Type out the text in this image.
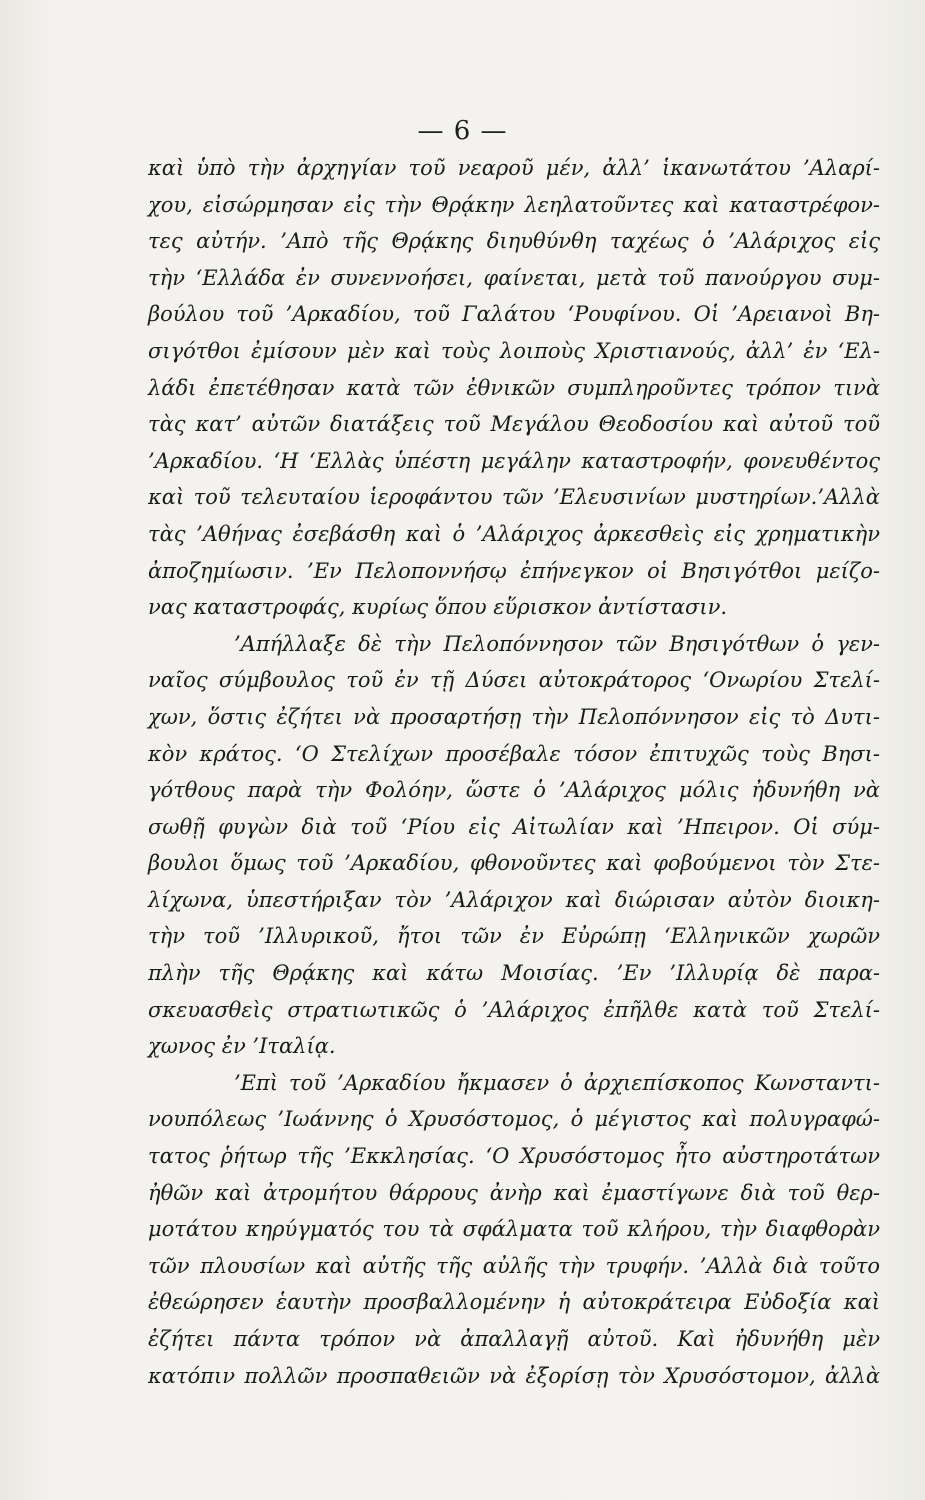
— 6 —
καὶ ὑπὸ τὴν ἀρχηγίαν τοῦ νεαροῦ μέν, ἀλλ’ ἱκανωτάτου ’Αλαρί-
χου, εἰσώρμησαν εἰς τὴν Θρᾴκην λεηλατοῦντες καὶ καταστρέφον-
τες αὐτήν. ’Απὸ τῆς Θρᾴκης διηυθύνθη ταχέως ὁ ’Αλάριχος εἰς
τὴν ‘Ελλάδα ἐν συνεννοήσει, φαίνεται, μετὰ τοῦ πανούργου συμ-
βούλου τοῦ ’Αρκαδίου, τοῦ Γαλάτου ‘Ρουφίνου. Οἱ ’Αρειανοὶ Βη-
σιγότθοι ἐμίσουν μὲν καὶ τοὺς λοιποὺς Χριστιανούς, ἀλλ’ ἐν ‘Ελ-
λάδι ἐπετέθησαν κατὰ τῶν ἐθνικῶν συμπληροῦντες τρόπον τινὰ
τὰς κατ’ αὐτῶν διατάξεις τοῦ Μεγάλου Θεοδοσίου καὶ αὐτοῦ τοῦ
’Αρκαδίου. ‘Η ‘Ελλὰς ὑπέστη μεγάλην καταστροφήν, φονευθέντος
καὶ τοῦ τελευταίου ἱεροφάντου τῶν ’Ελευσινίων μυστηρίων.’Αλλὰ
τὰς ’Αθήνας ἐσεβάσθη καὶ ὁ ’Αλάριχος ἀρκεσθεὶς εἰς χρηματικὴν
ἀποζημίωσιν. ’Εν Πελοποννήσῳ ἐπήνεγκον οἱ Βησιγότθοι μείζο-
νας καταστροφάς, κυρίως ὅπου εὕρισκον ἀντίστασιν.
’Απήλλαξε δὲ τὴν Πελοπόννησον τῶν Βησιγότθων ὁ γεν-
ναῖος σύμβουλος τοῦ ἐν τῇ Δύσει αὐτοκράτορος ‘Ονωρίου Στελί-
χων, ὅστις ἐζήτει νὰ προσαρτήσῃ τὴν Πελοπόννησον εἰς τὸ Δυτι-
κὸν κράτος. ‘Ο Στελίχων προσέβαλε τόσον ἐπιτυχῶς τοὺς Βησι-
γότθους παρὰ τὴν Φολόην, ὥστε ὁ ’Αλάριχος μόλις ἠδυνήθη νὰ
σωθῇ φυγὼν διὰ τοῦ ‘Ρίου εἰς Αἰτωλίαν καὶ ’Ηπειρον. Οἱ σύμ-
βουλοι ὅμως τοῦ ’Αρκαδίου, φθονοῦντες καὶ φοβούμενοι τὸν Στε-
λίχωνα, ὑπεστήριξαν τὸν ’Αλάριχον καὶ διώρισαν αὐτὸν διοικη-
τὴν τοῦ ’Ιλλυρικοῦ, ἤτοι τῶν ἐν Εὐρώπῃ ‘Ελληνικῶν χωρῶν
πλὴν τῆς Θρᾴκης καὶ κάτω Μοισίας. ’Εν ’Ιλλυρίᾳ δὲ παρα-
σκευασθεὶς στρατιωτικῶς ὁ ’Αλάριχος ἐπῆλθε κατὰ τοῦ Στελί-
χωνος ἐν ’Ιταλίᾳ.
’Επὶ τοῦ ’Αρκαδίου ἤκμασεν ὁ ἀρχιεπίσκοπος Κωνσταντι-
νουπόλεως ’Ιωάννης ὁ Χρυσόστομος, ὁ μέγιστος καὶ πολυγραφώ-
τατος ῥήτωρ τῆς ’Εκκλησίας. ‘Ο Χρυσόστομος ἦτο αὐστηροτάτων
ἠθῶν καὶ ἀτρομήτου θάρρους ἀνὴρ καὶ ἐμαστίγωνε διὰ τοῦ θερ-
μοτάτου κηρύγματός του τὰ σφάλματα τοῦ κλήρου, τὴν διαφθορὰν
τῶν πλουσίων καὶ αὐτῆς τῆς αὐλῆς τὴν τρυφήν. ’Αλλὰ διὰ τοῦτο
ἐθεώρησεν ἑαυτὴν προσβαλλομένην ἡ αὐτοκράτειρα Εὐδοξία καὶ
ἐζήτει πάντα τρόπον νὰ ἀπαλλαγῇ αὐτοῦ. Καὶ ἠδυνήθη μὲν
κατόπιν πολλῶν προσπαθειῶν νὰ ἐξορίσῃ τὸν Χρυσόστομον, ἀλλὰ
